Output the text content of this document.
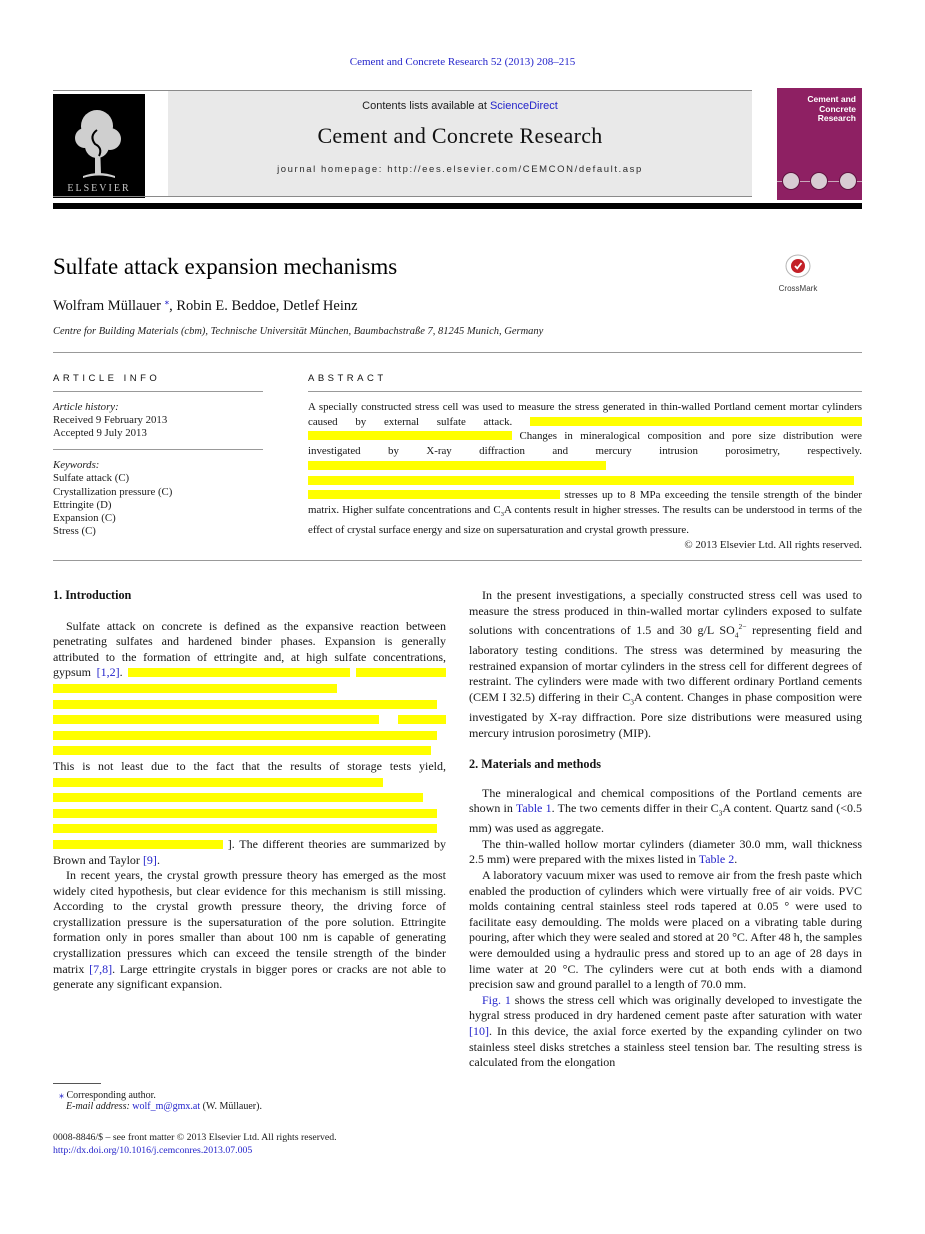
Cement and Concrete Research 52 (2013) 208–215
ELSEVIER
Contents lists available at ScienceDirect
Cement and Concrete Research
journal homepage: http://ees.elsevier.com/CEMCON/default.asp
Cement and
Concrete
Research
Sulfate attack expansion mechanisms
CrossMark
Wolfram Müllauer ⁎, Robin E. Beddoe, Detlef Heinz
Centre for Building Materials (cbm), Technische Universität München, Baumbachstraße 7, 81245 Munich, Germany
ARTICLE INFO
Article history:
Received 9 February 2013
Accepted 9 July 2013
Keywords:
Sulfate attack (C)
Crystallization pressure (C)
Ettringite (D)
Expansion (C)
Stress (C)
ABSTRACT

A specially constructed stress cell was used to measure the stress generated in thin-walled Portland cement mortar cylinders caused by external sulfate attack.   Changes in mineralogical composition and pore size distribution were investigated by X-ray diffraction and mercury intrusion porosimetry, respectively.    stresses up to 8 MPa exceeding the tensile strength of the binder matrix. Higher sulfate concentrations and $C_3A$ contents result in higher stresses. The results can be understood in terms of the effect of crystal surface energy and size on supersaturation and crystal growth pressure.

© 2013 Elsevier Ltd. All rights reserved.
1. Introduction

Sulfate attack on concrete is defined as the expansive reaction between penetrating sulfates and hardened binder phases. Expansion is generally attributed to the formation of ettringite and, at high sulfate concentrations, gypsum [1,2].         This is not least due to the fact that the results of storage tests yield,      ]. The different theories are summarized by Brown and Taylor [9].

In recent years, the crystal growth pressure theory has emerged as the most widely cited hypothesis, but clear evidence for this mechanism is still missing. According to the crystal growth pressure theory, the driving force of crystallization pressure is the supersaturation of the pore solution. Ettringite formation only in pores smaller than about 100 nm is capable of generating crystallization pressures which can exceed the tensile strength of the binder matrix [7,8]. Large ettringite crystals in bigger pores or cracks are not able to generate any significant expansion.

In the present investigations, a specially constructed stress cell was used to measure the stress produced in thin-walled mortar cylinders exposed to sulfate solutions with concentrations of 1.5 and 30 g/L $SO_4^{2-}$ representing field and laboratory testing conditions. The stress was determined by measuring the restrained expansion of mortar cylinders in the stress cell for different degrees of restraint. The cylinders were made with two different ordinary Portland cements (CEM I 32.5) differing in their $C_3A$ content. Changes in phase composition were investigated by X-ray diffraction. Pore size distributions were measured using mercury intrusion porosimetry (MIP).

2. Materials and methods

The mineralogical and chemical compositions of the Portland cements are shown in Table 1. The two cements differ in their $C_3A$ content. Quartz sand (<0.5 mm) was used as aggregate.

The thin-walled hollow mortar cylinders (diameter 30.0 mm, wall thickness 2.5 mm) were prepared with the mixes listed in Table 2.

A laboratory vacuum mixer was used to remove air from the fresh paste which enabled the production of cylinders which were virtually free of air voids. PVC molds containing central stainless steel rods tapered at 0.05 ° were used to facilitate easy demoulding. The molds were placed on a vibrating table during pouring, after which they were sealed and stored at 20 °C. After 48 h, the samples were demoulded using a hydraulic press and stored up to an age of 28 days in lime water at 20 °C. The cylinders were cut at both ends with a diamond precision saw and ground parallel to a length of 70.0 mm.

Fig. 1 shows the stress cell which was originally developed to investigate the hygral stress produced in dry hardened cement paste after saturation with water [10]. In this device, the axial force exerted by the expanding cylinder on two stainless steel disks stretches a stainless steel tension bar. The resulting stress is calculated from the elongation

⁎ Corresponding author.
E-mail address: wolf_m@gmx.at (W. Müllauer).
0008-8846/$ – see front matter © 2013 Elsevier Ltd. All rights reserved.
http://dx.doi.org/10.1016/j.cemconres.2013.07.005
